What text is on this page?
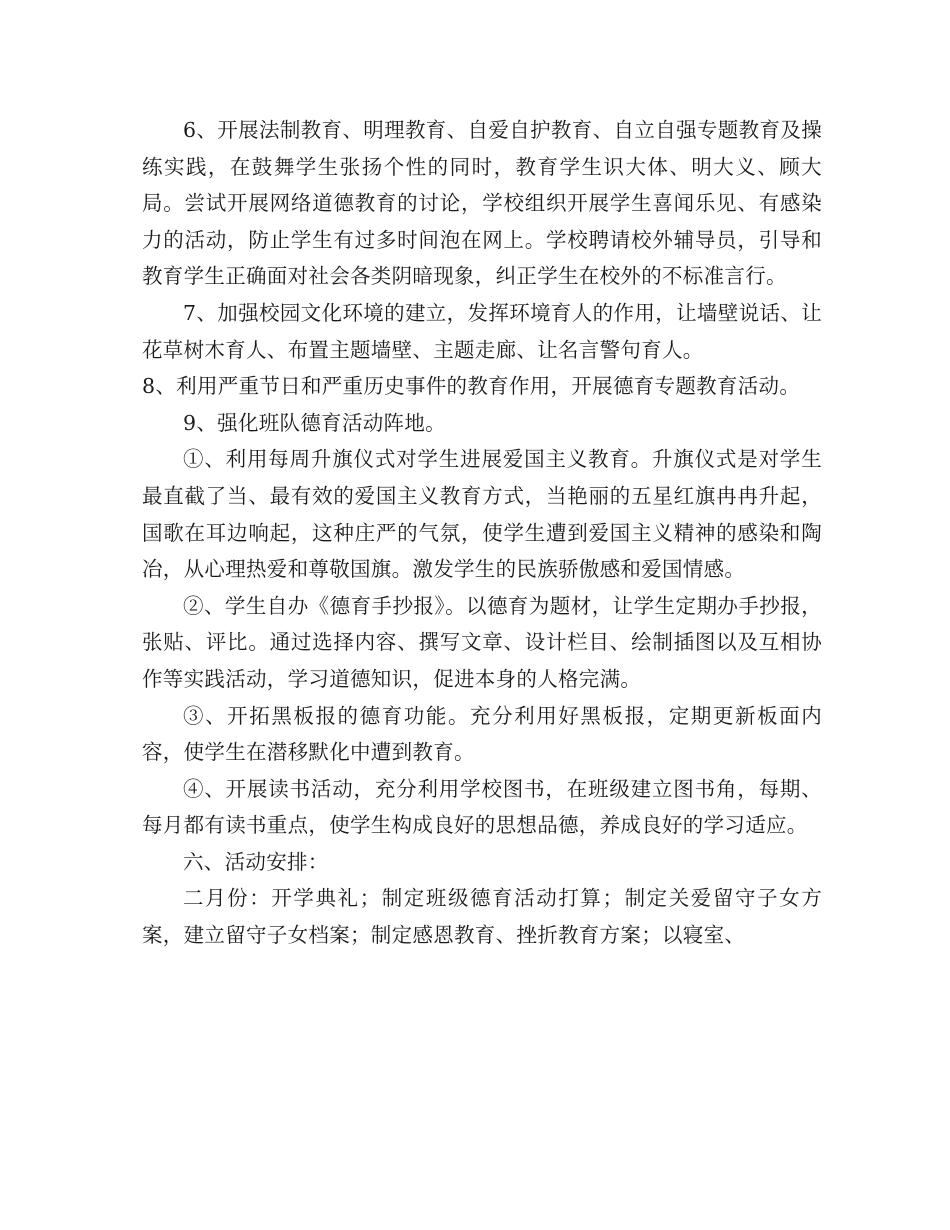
6、开展法制教育、明理教育、自爱自护教育、自立自强专题教育及操练实践，在鼓舞学生张扬个性的同时，教育学生识大体、明大义、顾大局。尝试开展网络道德教育的讨论，学校组织开展学生喜闻乐见、有感染力的活动，防止学生有过多时间泡在网上。学校聘请校外辅导员，引导和教育学生正确面对社会各类阴暗现象，纠正学生在校外的不标准言行。

7、加强校园文化环境的建立，发挥环境育人的作用，让墙壁说话、让花草树木育人、布置主题墙壁、主题走廊、让名言警句育人。

8、利用严重节日和严重历史事件的教育作用，开展德育专题教育活动。

9、强化班队德育活动阵地。

①、利用每周升旗仪式对学生进展爱国主义教育。升旗仪式是对学生最直截了当、最有效的爱国主义教育方式，当艳丽的五星红旗冉冉升起，国歌在耳边响起，这种庄严的气氛，使学生遭到爱国主义精神的感染和陶冶，从心理热爱和尊敬国旗。激发学生的民族骄傲感和爱国情感。

②、学生自办《德育手抄报》。以德育为题材，让学生定期办手抄报，张贴、评比。通过选择内容、撰写文章、设计栏目、绘制插图以及互相协作等实践活动，学习道德知识，促进本身的人格完满。

③、开拓黑板报的德育功能。充分利用好黑板报，定期更新板面内容，使学生在潜移默化中遭到教育。

④、开展读书活动，充分利用学校图书，在班级建立图书角，每期、每月都有读书重点，使学生构成良好的思想品德，养成良好的学习适应。

六、活动安排：

二月份：开学典礼；制定班级德育活动打算；制定关爱留守子女方案，建立留守子女档案；制定感恩教育、挫折教育方案；以寝室、
